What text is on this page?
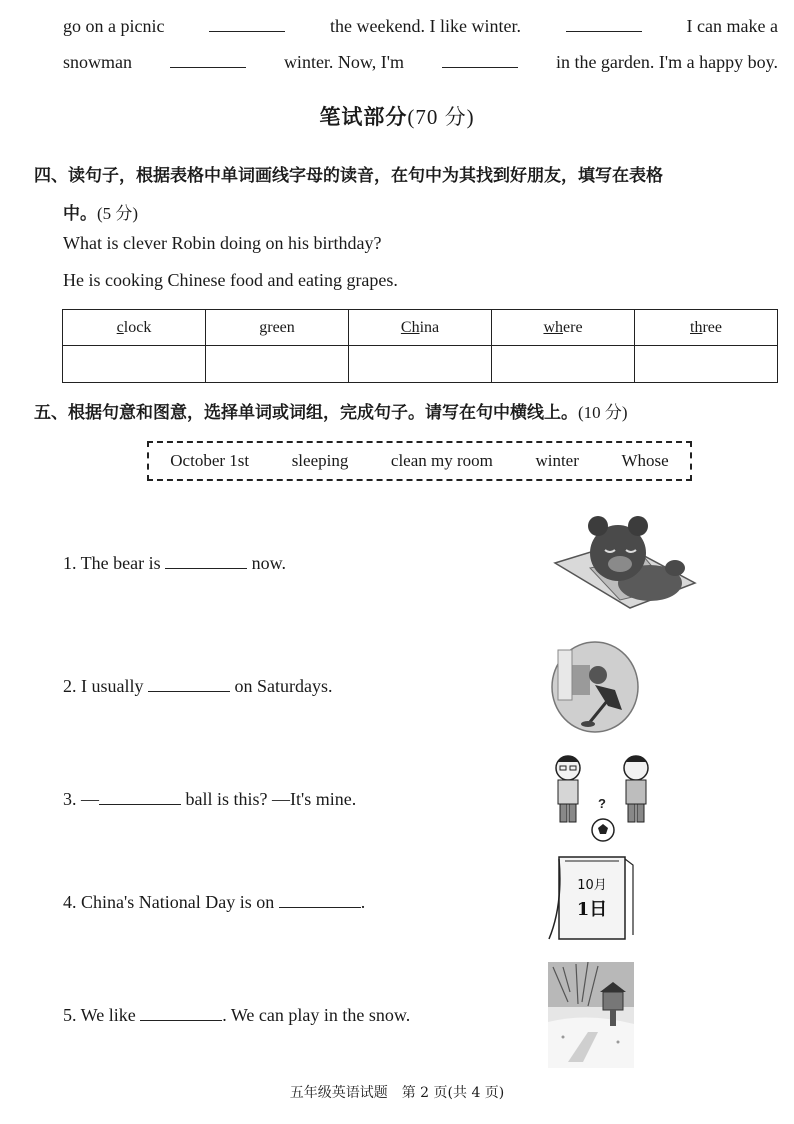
go on a picnic	the weekend. I like winter.	I can make a
snowman	winter. Now, I'm	in the garden. I'm a happy boy.
笔试部分(70 分)
四、读句子，根据表格中单词画线字母的读音，在句中为其找到好朋友，填写在表格
中。(5 分)
What is clever Robin doing on his birthday?
He is cooking Chinese food and eating grapes.
clock	green	China	where	three

五、根据句意和图意，选择单词或词组，完成句子。请写在句中横线上。(10 分)
October 1st	sleeping	clean my room	winter	Whose
1. The bear is	now.
2. I usually	on Saturdays.
3. —	ball is this? —It's mine.
4. China's National Day is on	.
5. We like	. We can play in the snow.
?
10月
1日
五年级英语试题　第 2 页(共 4 页)
